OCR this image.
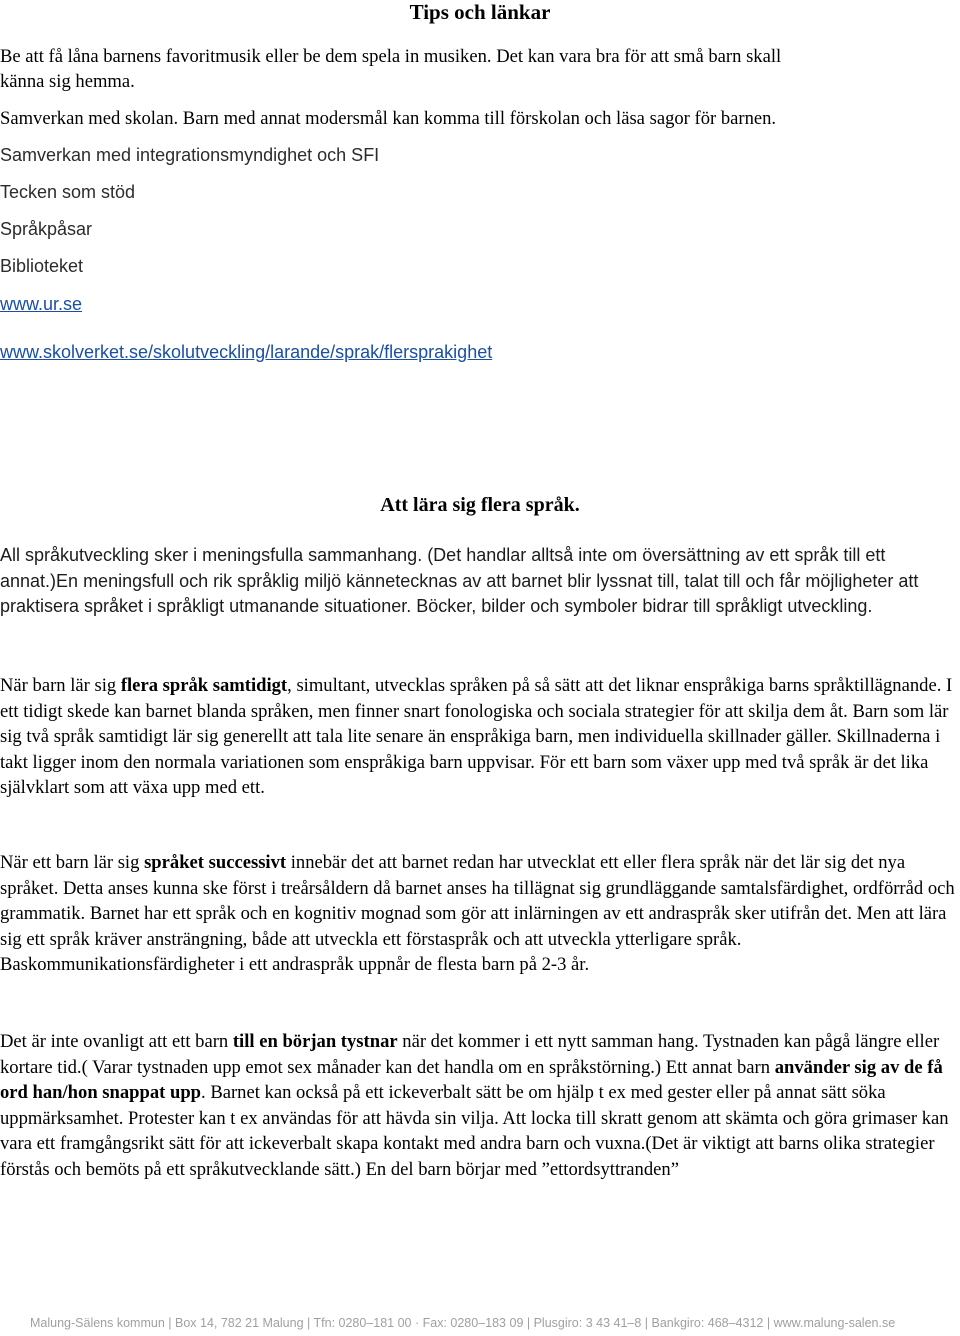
Tips och länkar
Be att få låna barnens favoritmusik eller be dem spela in musiken. Det kan vara bra för att små barn skall
känna sig hemma.
Samverkan med skolan. Barn med annat modersmål kan komma till förskolan och läsa sagor för barnen.
Samverkan med integrationsmyndighet och SFI
Tecken som stöd
Språkpåsar
Biblioteket
www.ur.se
www.skolverket.se/skolutveckling/larande/sprak/flersprakighet
Att lära sig flera språk.
All språkutveckling sker i meningsfulla sammanhang. (Det handlar alltså inte om översättning av ett språk till ett annat.)En meningsfull och rik språklig miljö kännetecknas av att barnet blir lyssnat till, talat till och får möjligheter att praktisera språket i språkligt utmanande situationer. Böcker, bilder och symboler bidrar till språkligt utveckling.
När barn lär sig flera språk samtidigt, simultant, utvecklas språken på så sätt att det liknar enspråkiga barns språktillägnande. I ett tidigt skede kan barnet blanda språken, men finner snart fonologiska och sociala strategier för att skilja dem åt. Barn som lär sig två språk samtidigt lär sig generellt att tala lite senare än enspråkiga barn, men individuella skillnader gäller. Skillnaderna i takt ligger inom den normala variationen som enspråkiga barn uppvisar. För ett barn som växer upp med två språk är det lika självklart som att växa upp med ett.
När ett barn lär sig språket successivt innebär det att barnet redan har utvecklat ett eller flera språk när det lär sig det nya språket. Detta anses kunna ske först i treårsåldern då barnet anses ha tillägnat sig grundläggande samtalsfärdighet, ordförråd och grammatik. Barnet har ett språk och en kognitiv mognad som gör att inlärningen av ett andraspråk sker utifrån det. Men att lära sig ett språk kräver ansträngning, både att utveckla ett förstaspråk och att utveckla ytterligare språk. Baskommunikationsfärdigheter i ett andraspråk uppnår de flesta barn på 2-3 år.
Det är inte ovanligt att ett barn till en början tystnar när det kommer i ett nytt samman hang. Tystnaden kan pågå längre eller kortare tid.( Varar tystnaden upp emot sex månader kan det handla om en språkstörning.) Ett annat barn använder sig av de få ord han/hon snappat upp. Barnet kan också på ett ickeverbalt sätt be om hjälp t ex med gester eller på annat sätt söka uppmärksamhet. Protester kan t ex användas för att hävda sin vilja. Att locka till skratt genom att skämta och göra grimaser kan vara ett framgångsrikt sätt för att ickeverbalt skapa kontakt med andra barn och vuxna.(Det är viktigt att barns olika strategier förstås och bemöts på ett språkutvecklande sätt.) En del barn börjar med ”ettordsyttranden”
Malung-Sälens kommun | Box 14, 782 21 Malung | Tfn: 0280–181 00 · Fax: 0280–183 09 | Plusgiro: 3 43 41–8 | Bankgiro: 468–4312 | www.malung-salen.se
